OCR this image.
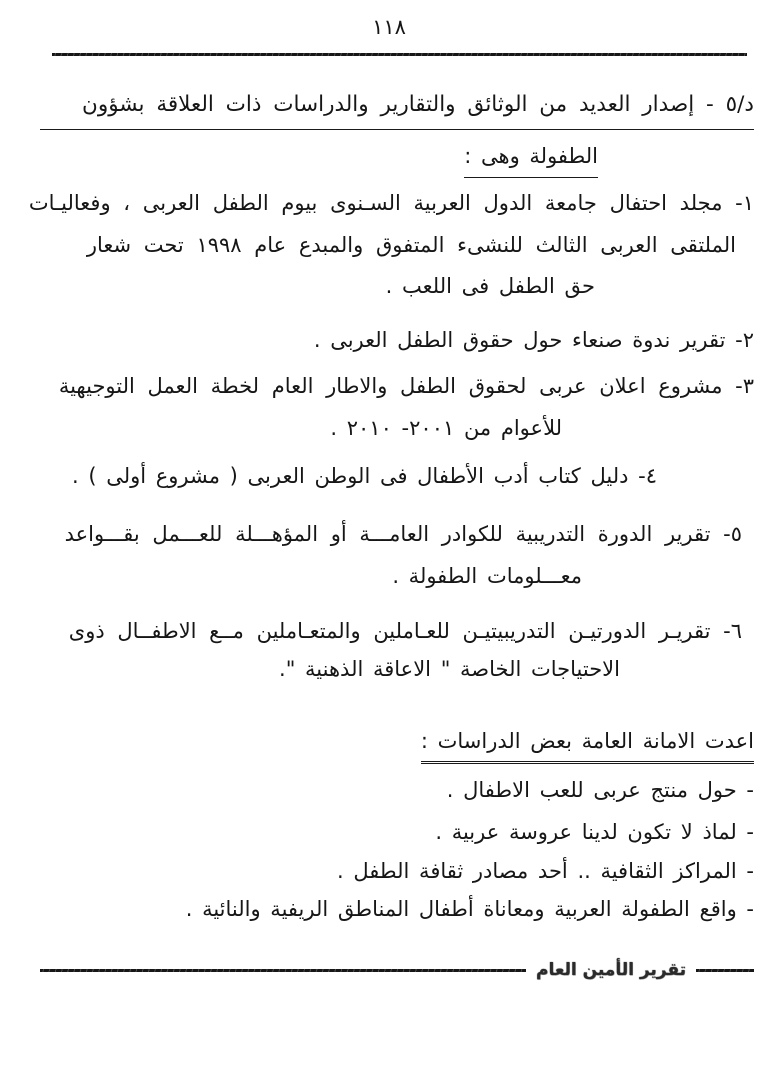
١١٨
د/٥ - إصدار العديد من الوثائق والتقارير والدراسات ذات العلاقة بشؤون
الطفولة وهى :
١- مجلد احتفال جامعة الدول العربية السـنوى بيوم الطفل العربى ، وفعاليـات
الملتقى العربى الثالث للنشىء المتفوق والمبدع عام ١٩٩٨ تحت شعار
حق الطفل فى اللعب .
٢- تقرير ندوة صنعاء حول حقوق الطفل العربى .
٣- مشروع اعلان عربى لحقوق الطفل والاطار العام لخطة العمل التوجيهية
للأعوام من ٢٠٠١- ٢٠١٠ .
٤- دليل كتاب أدب الأطفال فى الوطن العربى ( مشروع أولى ) .
٥- تقرير الدورة التدريبية للكوادر العامـــة أو المؤهـــلة للعـــمل بقـــواعد
معـــلومات الطفولة .
٦- تقريـر الدورتيـن التدريبيتيـن للعـاملين والمتعـاملين مــع الاطفــال ذوى
الاحتياجات الخاصة " الاعاقة الذهنية ".
اعدت الامانة العامة بعض الدراسات :
- حول منتج عربى للعب الاطفال .
- لماذ لا تكون لدينا عروسة عربية .
- المراكز الثقافية .. أحد مصادر ثقافة الطفل .
- واقع الطفولة العربية ومعاناة أطفال المناطق الريفية والنائية .
تقرير الأمين العام
